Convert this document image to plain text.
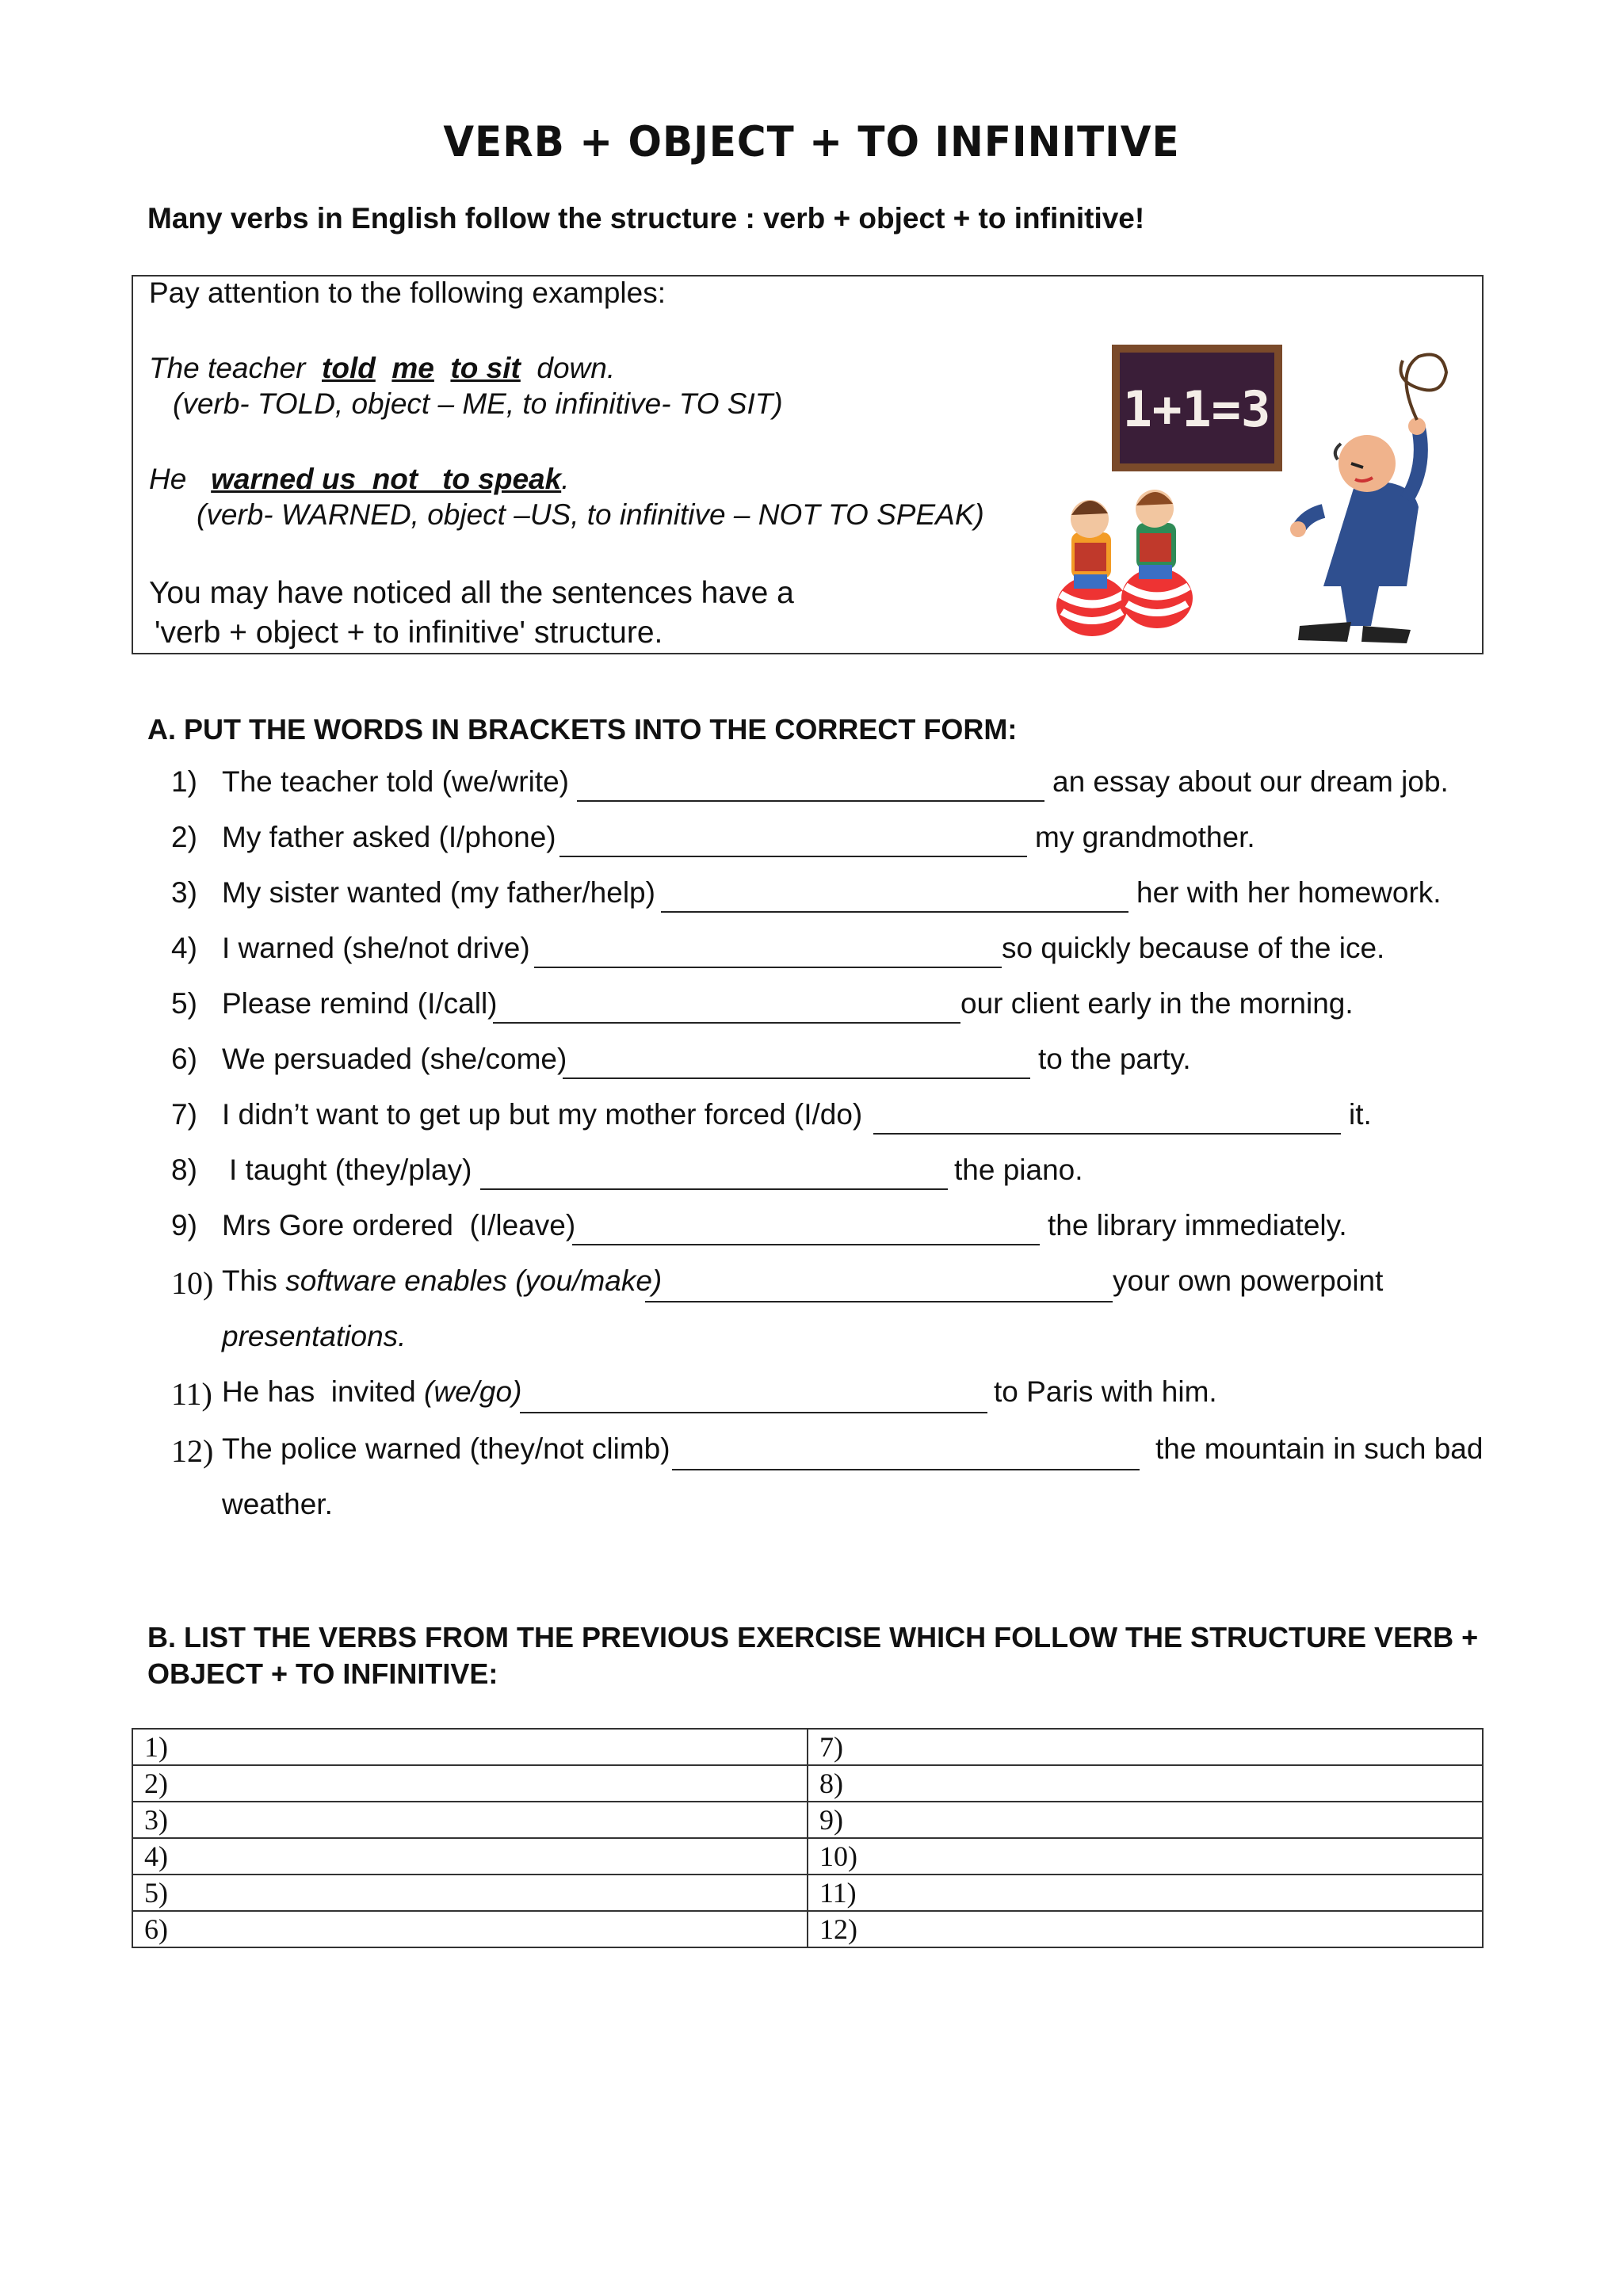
VERB + OBJECT + TO INFINITIVE
Many verbs in English follow the structure : verb + object + to infinitive!
Pay attention to the following examples:
The teacher told me to sit down.
(verb- TOLD, object – ME, to infinitive- TO SIT)
He warned us  not   to speak.
(verb- WARNED, object –US, to infinitive – NOT TO SPEAK)
You may have noticed all the sentences have a
'verb + object + to infinitive' structure.
1+1=3
A. PUT THE WORDS IN BRACKETS INTO THE CORRECT FORM:
1) The teacher told (we/write)	an essay about our dream job.
2) My father asked (I/phone)	my grandmother.
3) My sister wanted (my father/help)	her with her homework.
4) I warned (she/not drive)	so quickly because of the ice.
5) Please remind (I/call)	our client early in the morning.
6) We persuaded (she/come)	to the party.
7) I didn’t want to get up but my mother forced (I/do)	it.
8) I taught (they/play)	the piano.
9) Mrs Gore ordered  (I/leave)	the library immediately.
10) This software enables (you/make)	your own powerpoint
presentations.
11) He has  invited (we/go)	to Paris with him.
12) The police warned (they/not climb)	the mountain in such bad
weather.
B. LIST THE VERBS FROM THE PREVIOUS EXERCISE WHICH FOLLOW THE STRUCTURE VERB + OBJECT + TO INFINITIVE:
1)	7)
2)	8)
3)	9)
4)	10)
5)	11)
6)	12)
